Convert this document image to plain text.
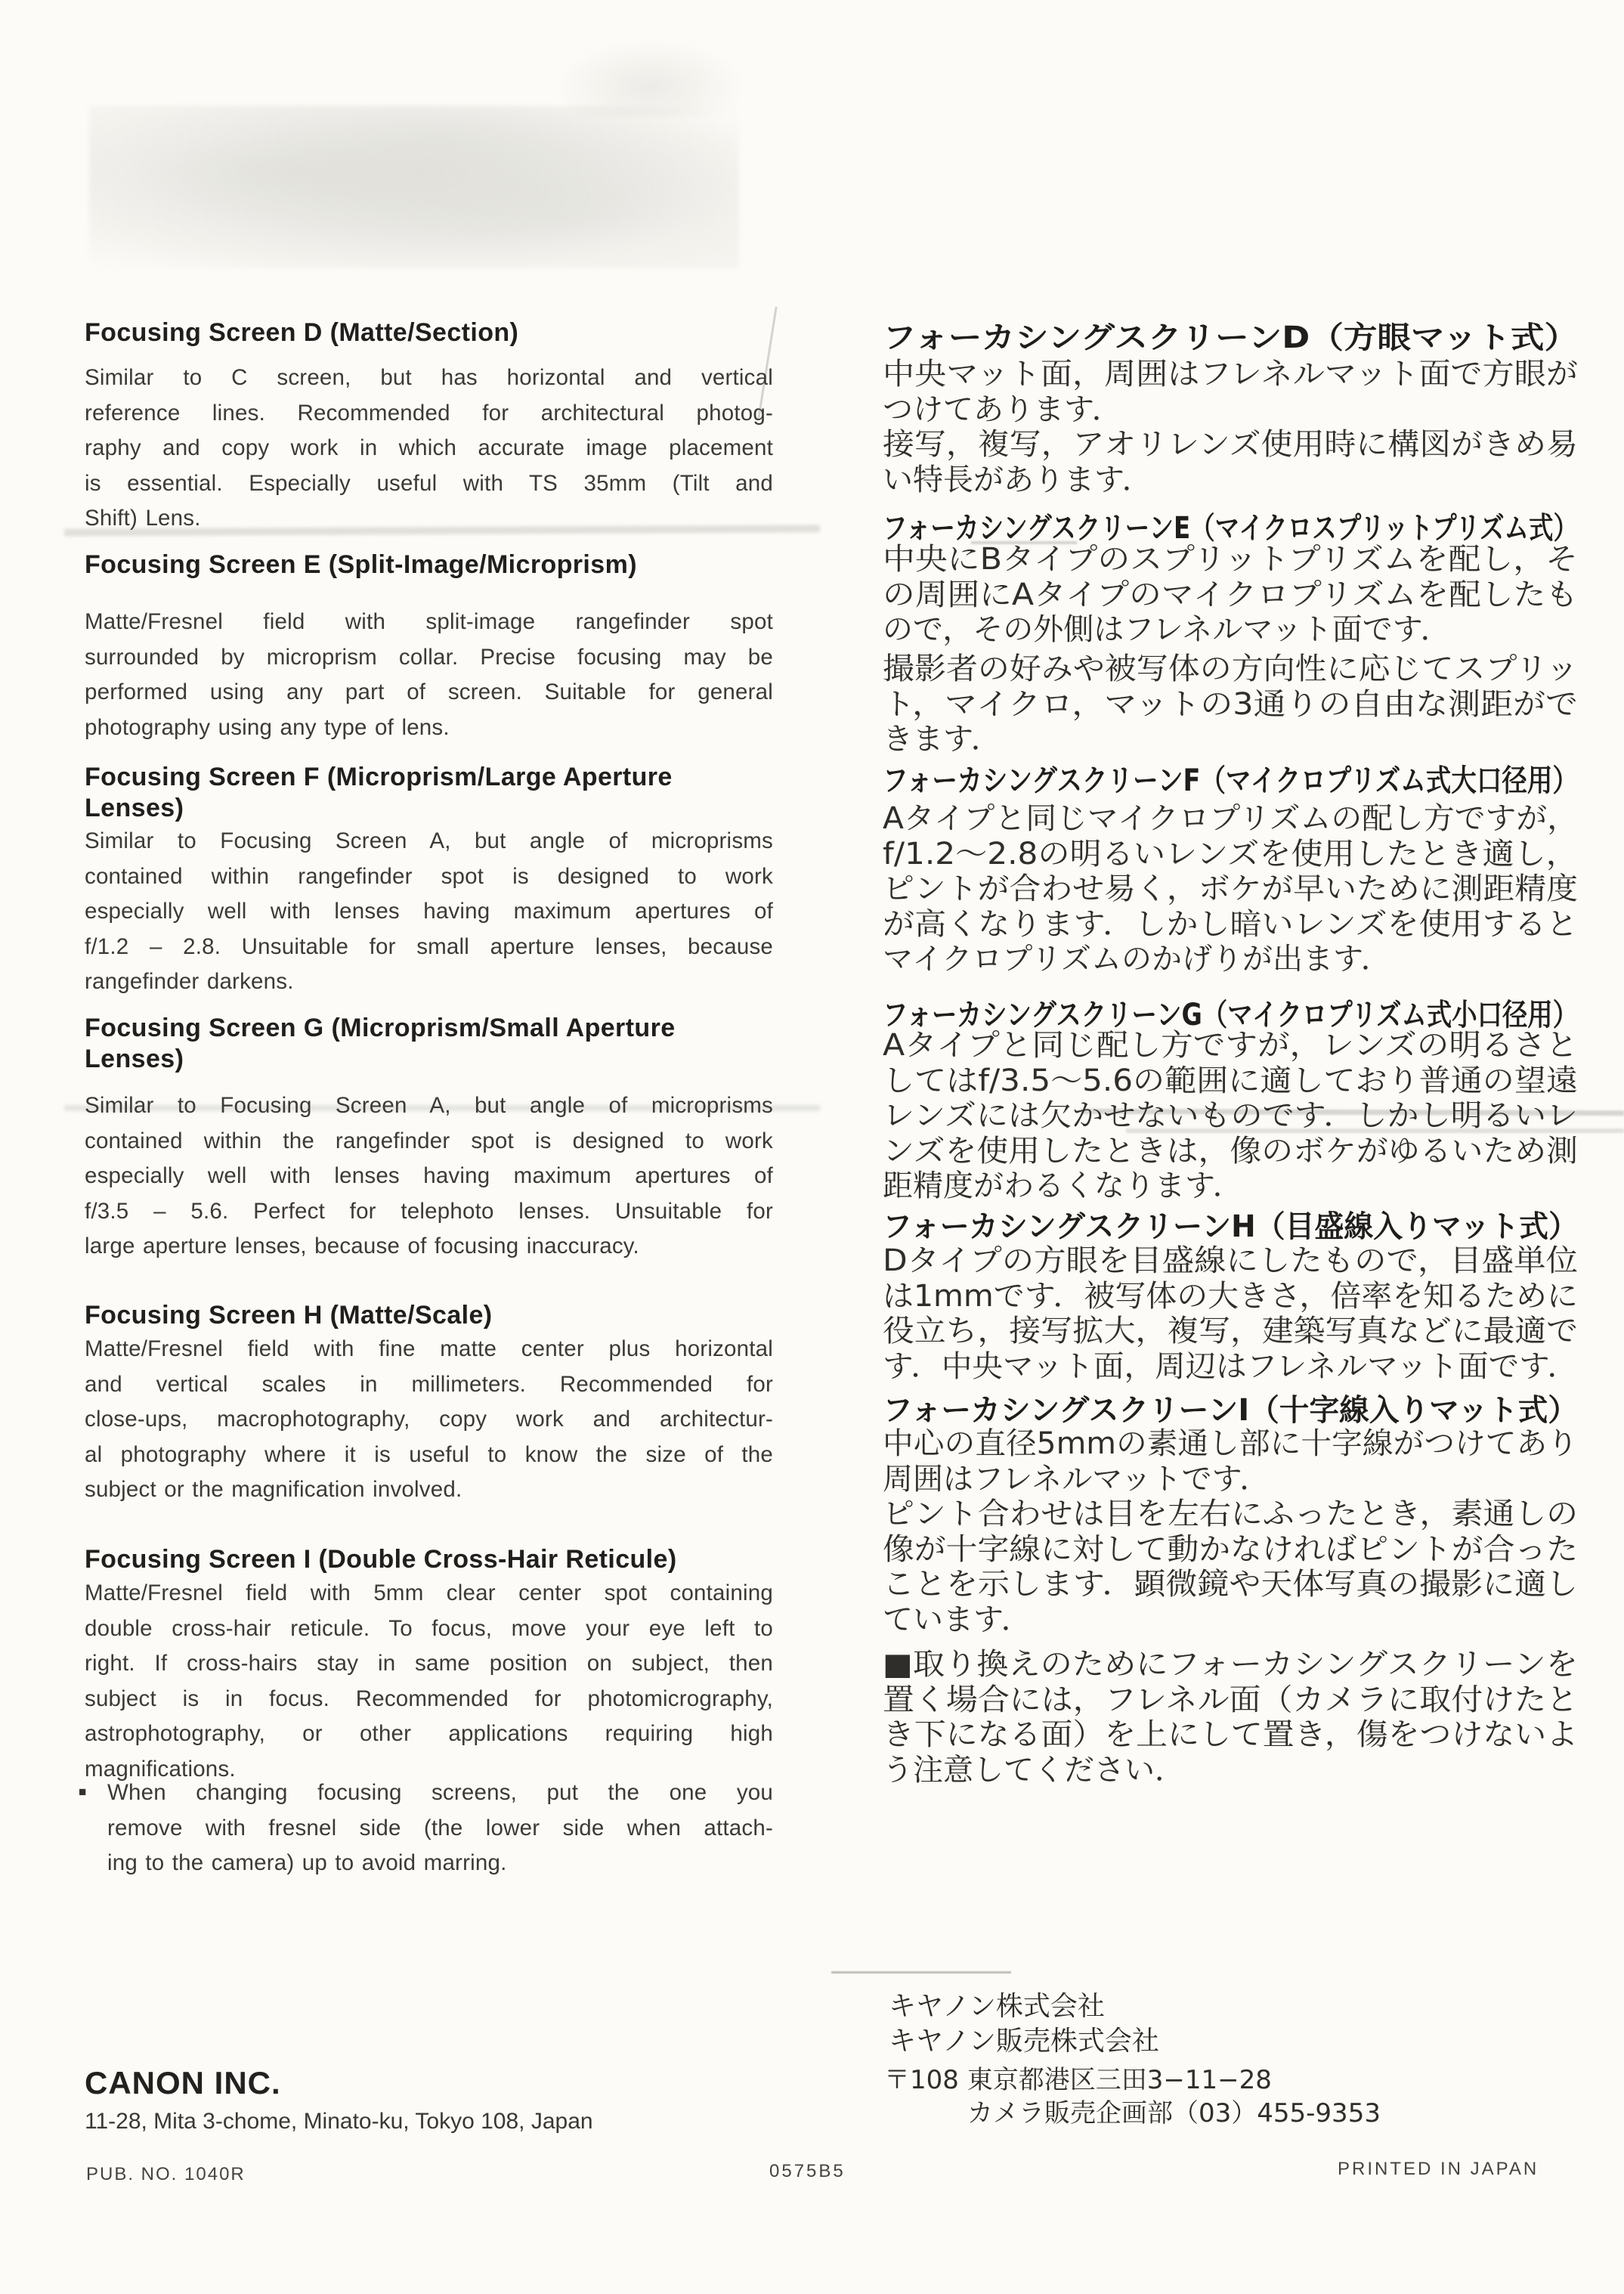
Focusing Screen D (Matte/Section)
Similar to C screen, but has horizontal and vertical
reference lines. Recommended for architectural photog-
raphy and copy work in which accurate image placement
is essential. Especially useful with TS 35mm (Tilt and
Shift) Lens.
Focusing Screen E (Split-Image/Microprism)
Matte/Fresnel field with split-image rangefinder spot
surrounded by microprism collar. Precise focusing may be
performed using any part of screen. Suitable for general
photography using any type of lens.
Focusing Screen F (Microprism/Large Aperture
Lenses)
Similar to Focusing Screen A, but angle of microprisms
contained within rangefinder spot is designed to work
especially well with lenses having maximum apertures of
f/1.2 – 2.8. Unsuitable for small aperture lenses, because
rangefinder darkens.
Focusing Screen G (Microprism/Small Aperture
Lenses)
Similar to Focusing Screen A, but angle of microprisms
contained within the rangefinder spot is designed to work
especially well with lenses having maximum apertures of
f/3.5 – 5.6. Perfect for telephoto lenses. Unsuitable for
large aperture lenses, because of focusing inaccuracy.
Focusing Screen H (Matte/Scale)
Matte/Fresnel field with fine matte center plus horizontal
and vertical scales in millimeters. Recommended for
close-ups, macrophotography, copy work and architectur-
al photography where it is useful to know the size of the
subject or the magnification involved.
Focusing Screen I (Double Cross-Hair Reticule)
Matte/Fresnel field with 5mm clear center spot containing
double cross-hair reticule. To focus, move your eye left to
right. If cross-hairs stay in same position on subject, then
subject is in focus. Recommended for photomicrography,
astrophotography, or other applications requiring high
magnifications.
■ When changing focusing screens, put the one you
remove with fresnel side (the lower side when attach-
ing to the camera) up to avoid marring.
フォーカシングスクリーンD（方眼マット式）
中央マット面，周囲はフレネルマット面で方眼が
つけてあります．
接写，複写，アオリレンズ使用時に構図がきめ易
い特長があります．
フォーカシングスクリーンE（マイクロスプリットプリズム式）
中央にBタイプのスプリットプリズムを配し，そ
の周囲にAタイプのマイクロプリズムを配したも
ので，その外側はフレネルマット面です．
撮影者の好みや被写体の方向性に応じてスプリッ
ト，マイクロ，マットの3通りの自由な測距がで
きます．
フォーカシングスクリーンF（マイクロプリズム式大口径用）
Aタイプと同じマイクロプリズムの配し方ですが，
f/1.2〜2.8の明るいレンズを使用したとき適し，
ピントが合わせ易く，ボケが早いために測距精度
が高くなります．しかし暗いレンズを使用すると
マイクロプリズムのかげりが出ます．
フォーカシングスクリーンG（マイクロプリズム式小口径用）
Aタイプと同じ配し方ですが，レンズの明るさと
してはf/3.5〜5.6の範囲に適しており普通の望遠
レンズには欠かせないものです．しかし明るいレ
ンズを使用したときは，像のボケがゆるいため測
距精度がわるくなります．
フォーカシングスクリーンH（目盛線入りマット式）
Dタイプの方眼を目盛線にしたもので，目盛単位
は1mmです．被写体の大きさ，倍率を知るために
役立ち，接写拡大，複写，建築写真などに最適で
す．中央マット面，周辺はフレネルマット面です．
フォーカシングスクリーンI（十字線入りマット式）
中心の直径5mmの素通し部に十字線がつけてあり
周囲はフレネルマットです．
ピント合わせは目を左右にふったとき，素通しの
像が十字線に対して動かなければピントが合った
ことを示します．顕微鏡や天体写真の撮影に適し
ています．
■取り換えのためにフォーカシングスクリーンを
置く場合には，フレネル面（カメラに取付けたと
き下になる面）を上にして置き，傷をつけないよ
う注意してください．
CANON INC.
11-28, Mita 3-chome, Minato-ku, Tokyo 108, Japan
PUB. NO. 1040R	0575B5	PRINTED IN JAPAN
キヤノン株式会社
キヤノン販売株式会社
〒108 東京都港区三田3−11−28
カメラ販売企画部（03）455-9353
